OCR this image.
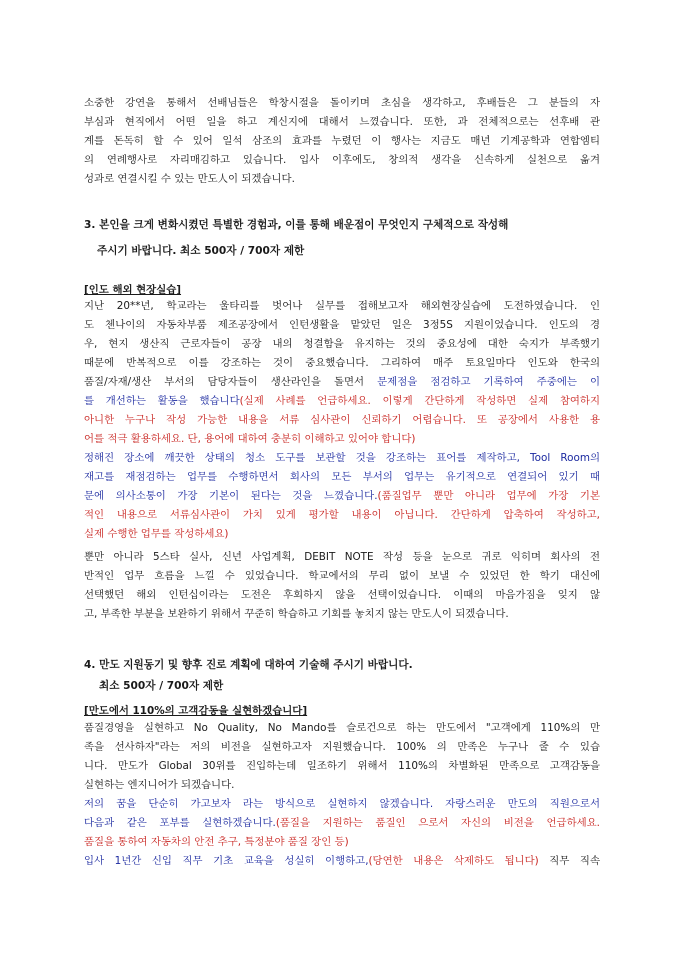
소중한 강연을 통해서 선배님들은 학창시절을 돌이키며 초심을 생각하고, 후배들은 그 분들의 자
부심과 현직에서 어떤 일을 하고 계신지에 대해서 느꼈습니다. 또한, 과 전체적으로는 선후배 관
계를 돈독히 할 수 있어 일석 삼조의 효과를 누렸던 이 행사는 지금도 매년 기계공학과 연합엠티
의 연례행사로 자리매김하고 있습니다. 입사 이후에도, 창의적 생각을 신속하게 실천으로 옮겨
성과로 연결시킬 수 있는 만도人이 되겠습니다.
3. 본인을 크게 변화시켰던 특별한 경험과, 이를 통해 배운점이 무엇인지 구체적으로 작성해
주시기 바랍니다. 최소 500자 / 700자 제한
[인도 해외 현장실습]
지난 20**년, 학교라는 울타리를 벗어나 실무를 접해보고자 해외현장실습에 도전하였습니다. 인
도 첸나이의 자동차부품 제조공장에서 인턴생활을 맡았던 일은 3정5S 지원이었습니다. 인도의 경
우, 현지 생산직 근로자들이 공장 내의 청결함을 유지하는 것의 중요성에 대한 숙지가 부족했기
때문에 반복적으로 이를 강조하는 것이 중요했습니다. 그리하여 매주 토요일마다 인도와 한국의
품질/자재/생산 부서의 담당자들이 생산라인을 돌면서 문제점을 점검하고 기록하여 주중에는 이
를 개선하는 활동을 했습니다(실제 사례를 언급하세요. 이렇게 간단하게 작성하면 실제 참여하지
아니한 누구나 작성 가능한 내용을 서류 심사관이 신뢰하기 어렵습니다. 또 공장에서 사용한 용
어를 적극 활용하세요. 단, 용어에 대하여 충분히 이해하고 있어야 합니다)
정해진 장소에 깨끗한 상태의 청소 도구를 보관할 것을 강조하는 표어를 제작하고, Tool Room의
재고를 재점검하는 업무를 수행하면서 회사의 모든 부서의 업무는 유기적으로 연결되어 있기 때
문에 의사소통이 가장 기본이 된다는 것을 느꼈습니다.(품질업무 뿐만 아니라 업무에 가장 기본
적인 내용으로 서류심사관이 가치 있게 평가할 내용이 아닙니다. 간단하게 압축하여 작성하고,
실제 수행한 업무를 작성하세요)
뿐만 아니라 5스타 실사, 신년 사업계획, DEBIT NOTE 작성 등을 눈으로 귀로 익히며 회사의 전
반적인 업무 흐름을 느낄 수 있었습니다. 학교에서의 무리 없이 보낼 수 있었던 한 학기 대신에
선택했던 해외 인턴십이라는 도전은 후회하지 않을 선택이었습니다. 이때의 마음가짐을 잊지 않
고, 부족한 부분을 보완하기 위해서 꾸준히 학습하고 기회를 놓치지 않는 만도人이 되겠습니다.
4. 만도 지원동기 및 향후 진로 계획에 대하여 기술해 주시기 바랍니다.
최소 500자 / 700자 제한
[만도에서 110%의 고객감동을 실현하겠습니다]
품질경영을 실현하고 No Quality, No Mando를 슬로건으로 하는 만도에서 "고객에게 110%의 만
족을 선사하자"라는 저의 비전을 실현하고자 지원했습니다. 100% 의 만족은 누구나 줄 수 있습
니다. 만도가 Global 30위를 진입하는데 일조하기 위해서 110%의 차별화된 만족으로 고객감동을
실현하는 엔지니어가 되겠습니다.
저의 꿈을 단순히 가고보자 라는 방식으로 실현하지 않겠습니다. 자랑스러운 만도의 직원으로서
다음과 같은 포부를 실현하겠습니다.(품질을 지원하는 품질인 으로서 자신의 비전을 언급하세요.
품질을 통하여 자동차의 안전 추구, 특정분야 품질 장인 등)
입사 1년간 신입 직무 기초 교육을 성실히 이행하고,(당연한 내용은 삭제하도 됩니다) 직무 직속
